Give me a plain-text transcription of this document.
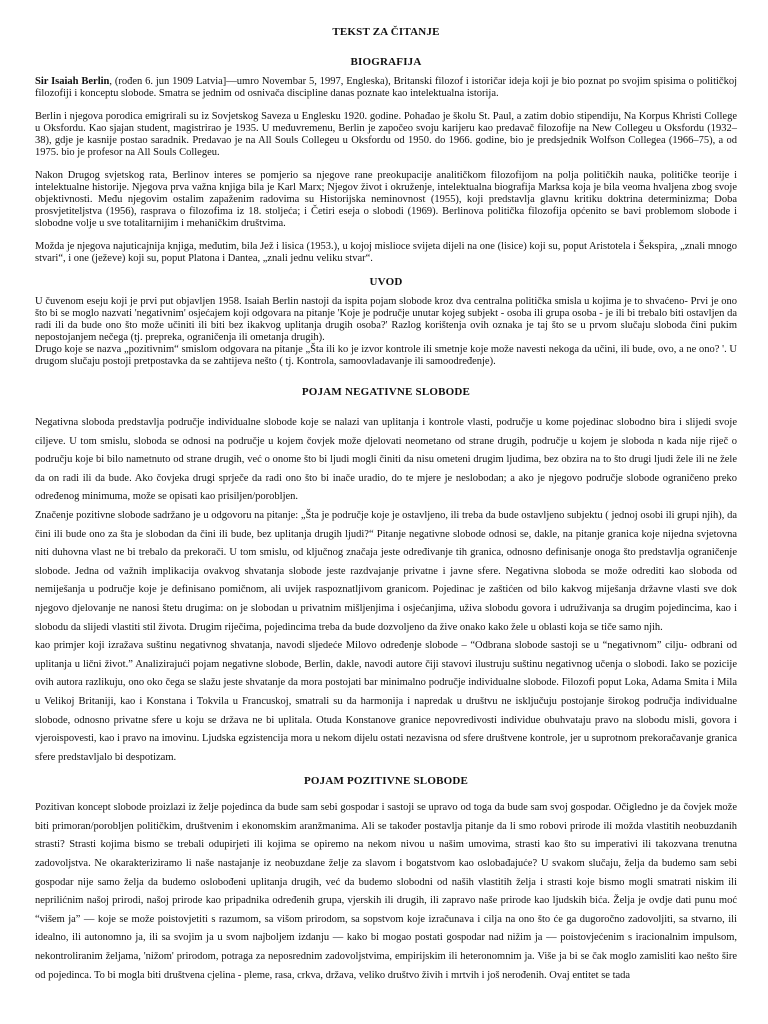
TEKST ZA ČITANJE
BIOGRAFIJA

Sir Isaiah Berlin, (rođen 6. jun 1909 Latvia]—umro Novembar 5, 1997, Engleska), Britanski filozof i istoričar ideja koji je bio poznat po svojim spisima o političkoj filozofiji i konceptu slobode. Smatra se jednim od osnivača discipline danas poznate kao intelektualna istorija.

Berlin i njegova porodica emigrirali su iz Sovjetskog Saveza u Englesku 1920. godine. Pohađao je školu St. Paul, a zatim dobio stipendiju, Na Korpus Khristi College u Oksfordu. Kao sjajan student, magistrirao je 1935. U međuvremenu, Berlin je započeo svoju karijeru kao predavač filozofije na New Collegeu u Oksfordu (1932–38), gdje je kasnije postao saradnik. Predavao je na All Souls Collegeu u Oksfordu od 1950. do 1966. godine, bio je predsjednik Wolfson Collegea (1966–75), a od 1975. bio je profesor na All Souls Collegeu.

Nakon Drugog svjetskog rata, Berlinov interes se pomjerio sa njegove rane preokupacije analitičkom filozofijom na polja političkih nauka, političke teorije i intelektualne historije. Njegova prva važna knjiga bila je Karl Marx; Njegov život i okruženje, intelektualna biografija Marksa koja je bila veoma hvaljena zbog svoje objektivnosti. Među njegovim ostalim zapaženim radovima su Historijska neminovnost (1955), koji predstavlja glavnu kritiku doktrina determinizma; Doba prosvjetiteljstva (1956), rasprava o filozofima iz 18. stoljeća; i Četiri eseja o slobodi (1969). Berlinova politička filozofija općenito se bavi problemom slobode i slobodne volje u sve totalitarnijim i mehaničkim društvima.

Možda je njegova najuticajnija knjiga, međutim, bila Jež i lisica (1953.), u kojoj mislioce svijeta dijeli na one (lisice) koji su, poput Aristotela i Šekspira, „znali mnogo stvari“, i one (ježeve) koji su, poput Platona i Dantea, „znali jednu veliku stvar“.

UVOD

U čuvenom eseju koji je prvi put objavljen 1958. Isaiah Berlin nastoji da ispita pojam slobode kroz dva centralna politička smisla u kojima je to shvaćeno- Prvi je ono što bi se moglo nazvati 'negativnim' osjećajem koji odgovara na pitanje 'Koje je područje unutar kojeg subjekt - osoba ili grupa osoba - je ili bi trebalo biti ostavljen da radi ili da bude ono što može učiniti ili biti bez ikakvog uplitanja drugih osoba?' Razlog korištenja ovih oznaka je taj što se u prvom slučaju sloboda čini pukim nepostojanjem nečega (tj. prepreka, ograničenja ili ometanja drugih).

Drugo koje se nazva „pozitivnim“ smislom odgovara na pitanje „Šta ili ko je izvor kontrole ili smetnje koje može navesti nekoga da učini, ili bude, ovo, a ne ono? '. U drugom slučaju postoji pretpostavka da se zahtijeva nešto ( tj. Kontrola, samoovladavanje ili samoodređenje).

POJAM NEGATIVNE SLOBODE

Negativna sloboda predstavlja područje individualne slobode koje se nalazi van uplitanja i kontrole vlasti, područje u kome pojedinac slobodno bira i slijedi svoje ciljeve. U tom smislu, sloboda se odnosi na područje u kojem čovjek može djelovati neometano od strane drugih, područje u kojem je sloboda n kada nije riječ o području koje bi bilo nametnuto od strane drugih, već o onome što bi ljudi mogli činiti da nisu ometeni drugim ljudima, bez obzira na to što drugi ljudi žele ili ne žele da on radi ili da bude. Ako čovjeka drugi sprječe da radi ono što bi inače uradio, do te mjere je neslobodan; a ako je njegovo područje slobode ograničeno preko određenog minimuma, može se opisati kao prisiljen/porobljen.

Značenje pozitivne slobode sadržano je u odgovoru na pitanje: „Šta je područje koje je ostavljeno, ili treba da bude ostavljeno subjektu ( jednoj osobi ili grupi njih), da čini ili bude ono za šta je slobodan da čini ili bude, bez uplitanja drugih ljudi?“ Pitanje negativne slobode odnosi se, dakle, na pitanje granica koje nijedna svjetovna niti duhovna vlast ne bi trebalo da prekorači. U tom smislu, od ključnog značaja jeste određivanje tih granica, odnosno definisanje onoga što predstavlja ograničenje slobode. Jedna od važnih implikacija ovakvog shvatanja slobode jeste razdvajanje privatne i javne sfere. Negativna sloboda se može odrediti kao sloboda od nemiješanja u područje koje je definisano pomičnom, ali uvijek raspoznatljivom granicom. Pojedinac je zaštićen od bilo kakvog miješanja državne vlasti sve dok njegovo djelovanje ne nanosi štetu drugima: on je slobodan u privatnim mišljenjima i osjećanjima, uživa slobodu govora i udruživanja sa drugim pojedincima, kao i slobodu da slijedi vlastiti stil života. Drugim riječima, pojedincima treba da bude dozvoljeno da žive onako kako žele u oblasti koja se tiče samo njih.

kao primjer koji izražava suštinu negativnog shvatanja, navodi sljedeće Milovo određenje slobode – “Odbrana slobode sastoji se u “negativnom” cilju- odbrani od uplitanja u lični život.” Analizirajući pojam negativne slobode, Berlin, dakle, navodi autore čiji stavovi ilustruju suštinu negativnog učenja o slobodi. Iako se pozicije ovih autora razlikuju, ono oko čega se slažu jeste shvatanje da mora postojati bar minimalno područje individualne slobode. Filozofi poput Loka, Adama Smita i Mila u Velikoj Britaniji, kao i Konstana i Tokvila u Francuskoj, smatrali su da harmonija i napredak u društvu ne isključuju postojanje širokog područja individualne slobode, odnosno privatne sfere u koju se država ne bi uplitala. Otuda Konstanove granice nepovredivosti individue obuhvataju pravo na slobodu misli, govora i vjeroispovesti, kao i pravo na imovinu. Ljudska egzistencija mora u nekom dijelu ostati nezavisna od sfere društvene kontrole, jer u suprotnom prekoračavanje granica sfere predstavljalo bi despotizam.

POJAM POZITIVNE SLOBODE

Pozitivan koncept slobode proizlazi iz želje pojedinca da bude sam sebi gospodar i sastoji se upravo od toga da bude sam svoj gospodar. Očigledno je da čovjek može biti primoran/porobljen političkim, društvenim i ekonomskim aranžmanima. Ali se također postavlja pitanje da li smo robovi prirode ili možda vlastitih neobuzdanih strasti? Strasti kojima bismo se trebali odupirjeti ili kojima se opiremo na nekom nivou u našim umovima, strasti kao što su imperativi ili takozvana trenutna zadovoljstva. Ne okarakteriziramo li naše nastajanje iz neobuzdane želje za slavom i bogatstvom kao oslobađajuće? U svakom slučaju, želja da budemo sam sebi gospodar nije samo želja da budemo oslobođeni uplitanja drugih, već da budemo slobodni od naših vlastitih želja i strasti koje bismo mogli smatrati niskim ili neprilićnim našoj prirodi, našoj prirode kao pripadnika određenih grupa, vjerskih ili drugih, ili zapravo naše prirode kao ljudskih bića. Želja je ovdje dati punu moć “višem ja” — koje se može poistovjetiti s razumom, sa višom prirodom, sa sopstvom koje izračunava i cilja na ono što će ga dugoročno zadovoljiti, sa stvarno, ili idealno, ili autonomno ja, ili sa svojim ja u svom najboljem izdanju — kako bi mogao postati gospodar nad nižim ja — poistovjećenim s iracionalnim impulsom, nekontroliranim željama, 'nižom' prirodom, potraga za neposrednim zadovoljstvima, empirijskim ili heteronomnim ja. Više ja bi se čak moglo zamisliti kao nešto šire od pojedinca. To bi mogla biti društvena cjelina - pleme, rasa, crkva, država, veliko društvo živih i mrtvih i još nerođenih. Ovaj entitet se tada
